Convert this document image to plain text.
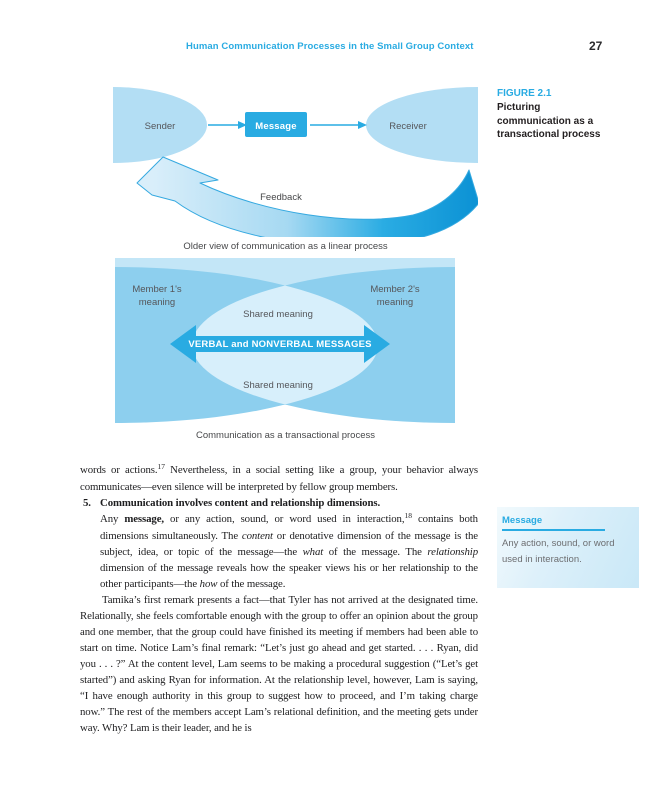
Human Communication Processes in the Small Group Context	27
Sender	Message	Receiver
Feedback
Older view of communication as a linear process
Member 1's
meaning
Member 2's
meaning
Shared meaning
VERBAL and NONVERBAL MESSAGES
Shared meaning
Communication as a transactional process

FIGURE 2.1

Picturing communication as a transactional process

words or actions.$^{17}$ Nevertheless, in a social setting like a group, your behavior always communicates—even silence will be interpreted by fellow group members.

5. Communication involves content and relationship dimensions.

Any message, or any action, sound, or word used in interaction,$^{18}$ contains both dimensions simultaneously. The content or denotative dimension of the message is the subject, idea, or topic of the message—the what of the message. The relationship dimension of the message reveals how the speaker views his or her relationship to the other participants—the how of the message.

Tamika’s first remark presents a fact—that Tyler has not arrived at the designated time. Relationally, she feels comfortable enough with the group to offer an opinion about the group and one member, that the group could have finished its meeting if members had been able to start on time. Notice Lam’s final remark: “Let’s just go ahead and get started. . . . Ryan, did you . . . ?” At the content level, Lam seems to be making a procedural suggestion (“Let’s get started”) and asking Ryan for information. At the relationship level, however, Lam is saying, “I have enough authority in this group to suggest how to proceed, and I’m taking charge now.” The rest of the members accept Lam’s relational definition, and the meeting gets under way. Why? Lam is their leader, and he is

Message

Any action, sound, or word used in interaction.
